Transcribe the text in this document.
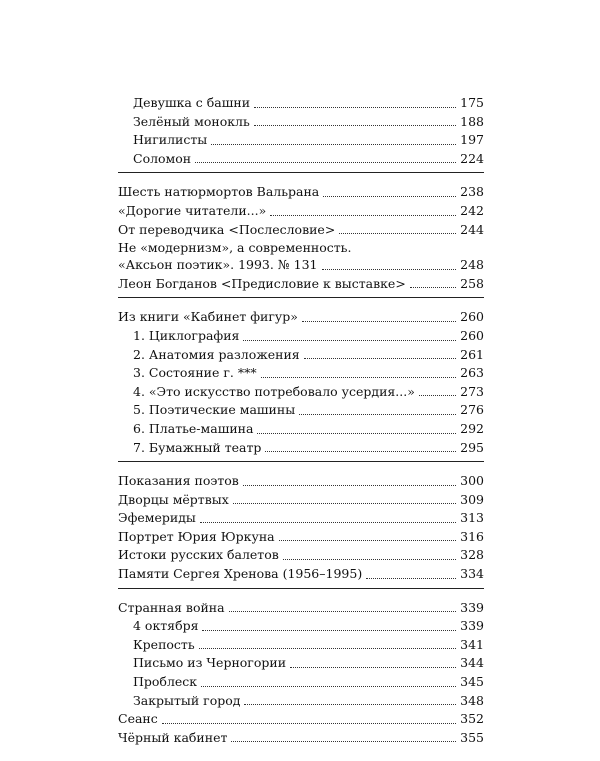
Девушка с башни	175
Зелёный монокль	188
Нигилисты	197
Соломон	224
Шесть натюрмортов Вальрана	238
«Дорогие читатели...»	242
От переводчика <Послесловие>	244
Не «модернизм», а современность.
«Аксьон поэтик». 1993. № 131	248
Леон Богданов <Предисловие к выставке>	258
Из книги «Кабинет фигур»	260
1. Циклография	260
2. Анатомия разложения	261
3. Состояние г. ***	263
4. «Это искусство потребовало усердия...»	273
5. Поэтические машины	276
6. Платье-машина	292
7. Бумажный театр	295
Показания поэтов	300
Дворцы мёртвых	309
Эфемериды	313
Портрет Юрия Юркуна	316
Истоки русских балетов	328
Памяти Сергея Хренова (1956–1995)	334
Странная война	339
4 октября	339
Крепость	341
Письмо из Черногории	344
Проблеск	345
Закрытый город	348
Сеанс	352
Чёрный кабинет	355
